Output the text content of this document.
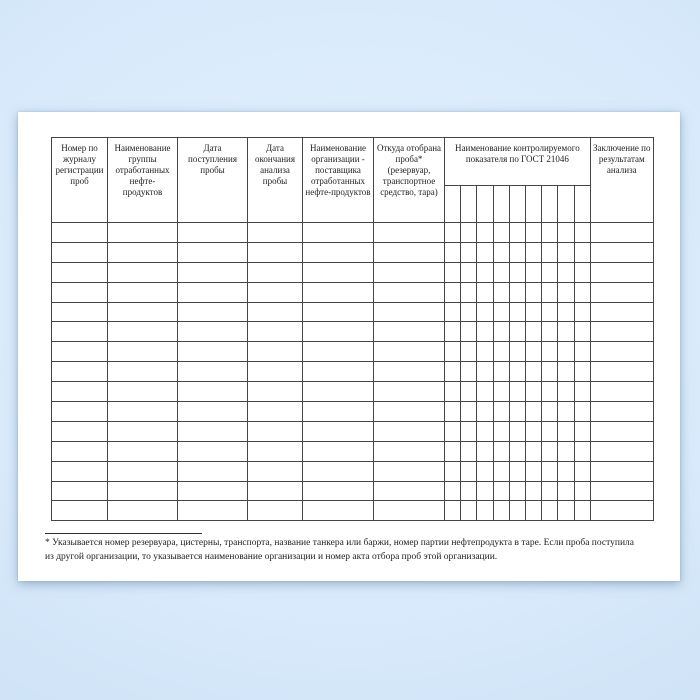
Номер по журналу регистрации проб	Наименование группы отработанных нефте-продуктов	Дата поступления пробы	Дата окончания анализа пробы	Наименование организации - поставщика отработанных нефте-продуктов	Откуда отобрана проба* (резервуар, транспортное средство, тара)	Наименование контролируемого показателя по ГОСТ 21046									Заключение по результатам анализа

* Указывается номер резервуара, цистерны, транспорта, название танкера или баржи, номер партии нефтепродукта в таре. Если проба поступила из другой организации, то указывается наименование организации и номер акта отбора проб этой организации.
